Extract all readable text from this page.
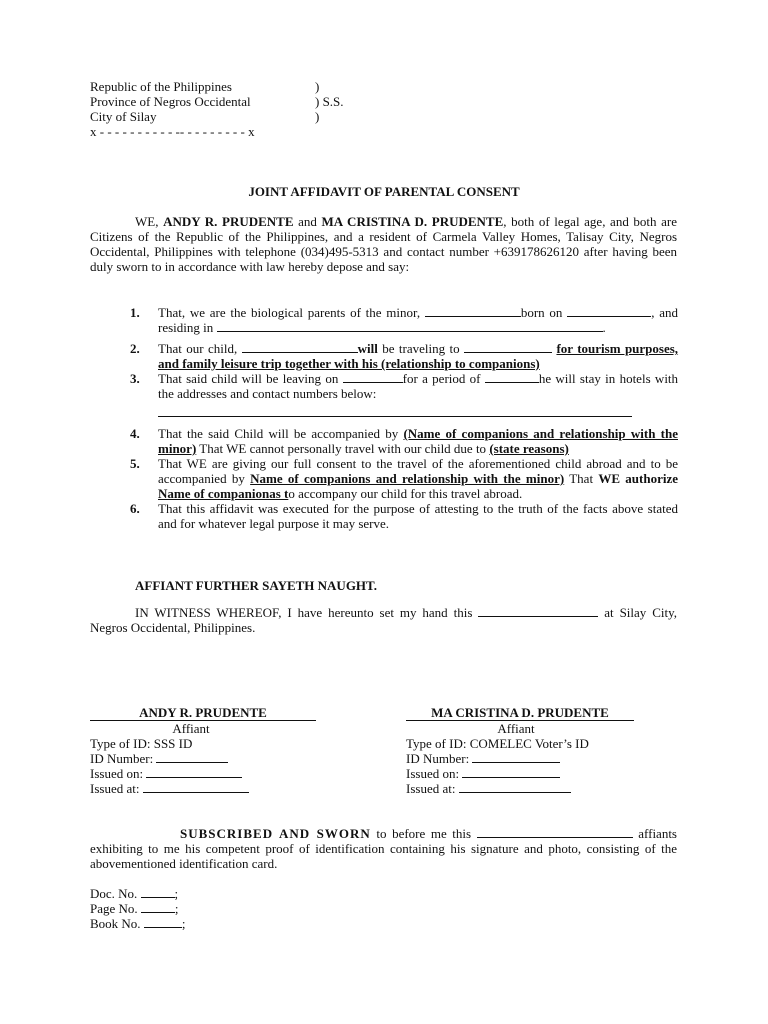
Republic of the Philippines	)
Province of Negros Occidental	) S.S.
City of Silay	)
x - - - - - - - - - - -- - - - - - - - - x
JOINT AFFIDAVIT OF PARENTAL CONSENT
WE, ANDY R. PRUDENTE and MA CRISTINA D. PRUDENTE, both of legal age, and both are Citizens of the Republic of the Philippines, and a resident of Carmela Valley Homes, Talisay City, Negros Occidental, Philippines with telephone (034)495-5313 and contact number +639178626120 after having been duly sworn to in accordance with law hereby depose and say:
1.	That, we are the biological parents of the minor,	born on	, and residing in	.
2.	That our child,	will be traveling to	for tourism purposes, and family leisure trip together with his (relationship to companions)
3.	That said child will be leaving on	for a period of	he will stay in hotels with the addresses and contact numbers below:

4.	That the said Child will be accompanied by (Name of companions and relationship with the minor) That WE cannot personally travel with our child due to (state reasons)
5.	That WE are giving our full consent to the travel of the aforementioned child abroad and to be accompanied by Name of companions and relationship with the minor) That WE authorize Name of companionas to accompany our child for this travel abroad.
6.	That this affidavit was executed for the purpose of attesting to the truth of the facts above stated and for whatever legal purpose it may serve.
AFFIANT FURTHER SAYETH NAUGHT.
IN WITNESS WHEREOF, I have hereunto set my hand this	at Silay City, Negros Occidental, Philippines.
ANDY R. PRUDENTE
Affiant
Type of ID: SSS ID
ID Number:
Issued on:
Issued at:
MA CRISTINA D. PRUDENTE
Affiant
Type of ID: COMELEC Voter’s ID
ID Number:
Issued on:
Issued at:
SUBSCRIBED AND SWORN to before me this	affiants exhibiting to me his competent proof of identification containing his signature and photo, consisting of the abovementioned identification card.
Doc. No.	;
Page No.	;
Book No.	;
